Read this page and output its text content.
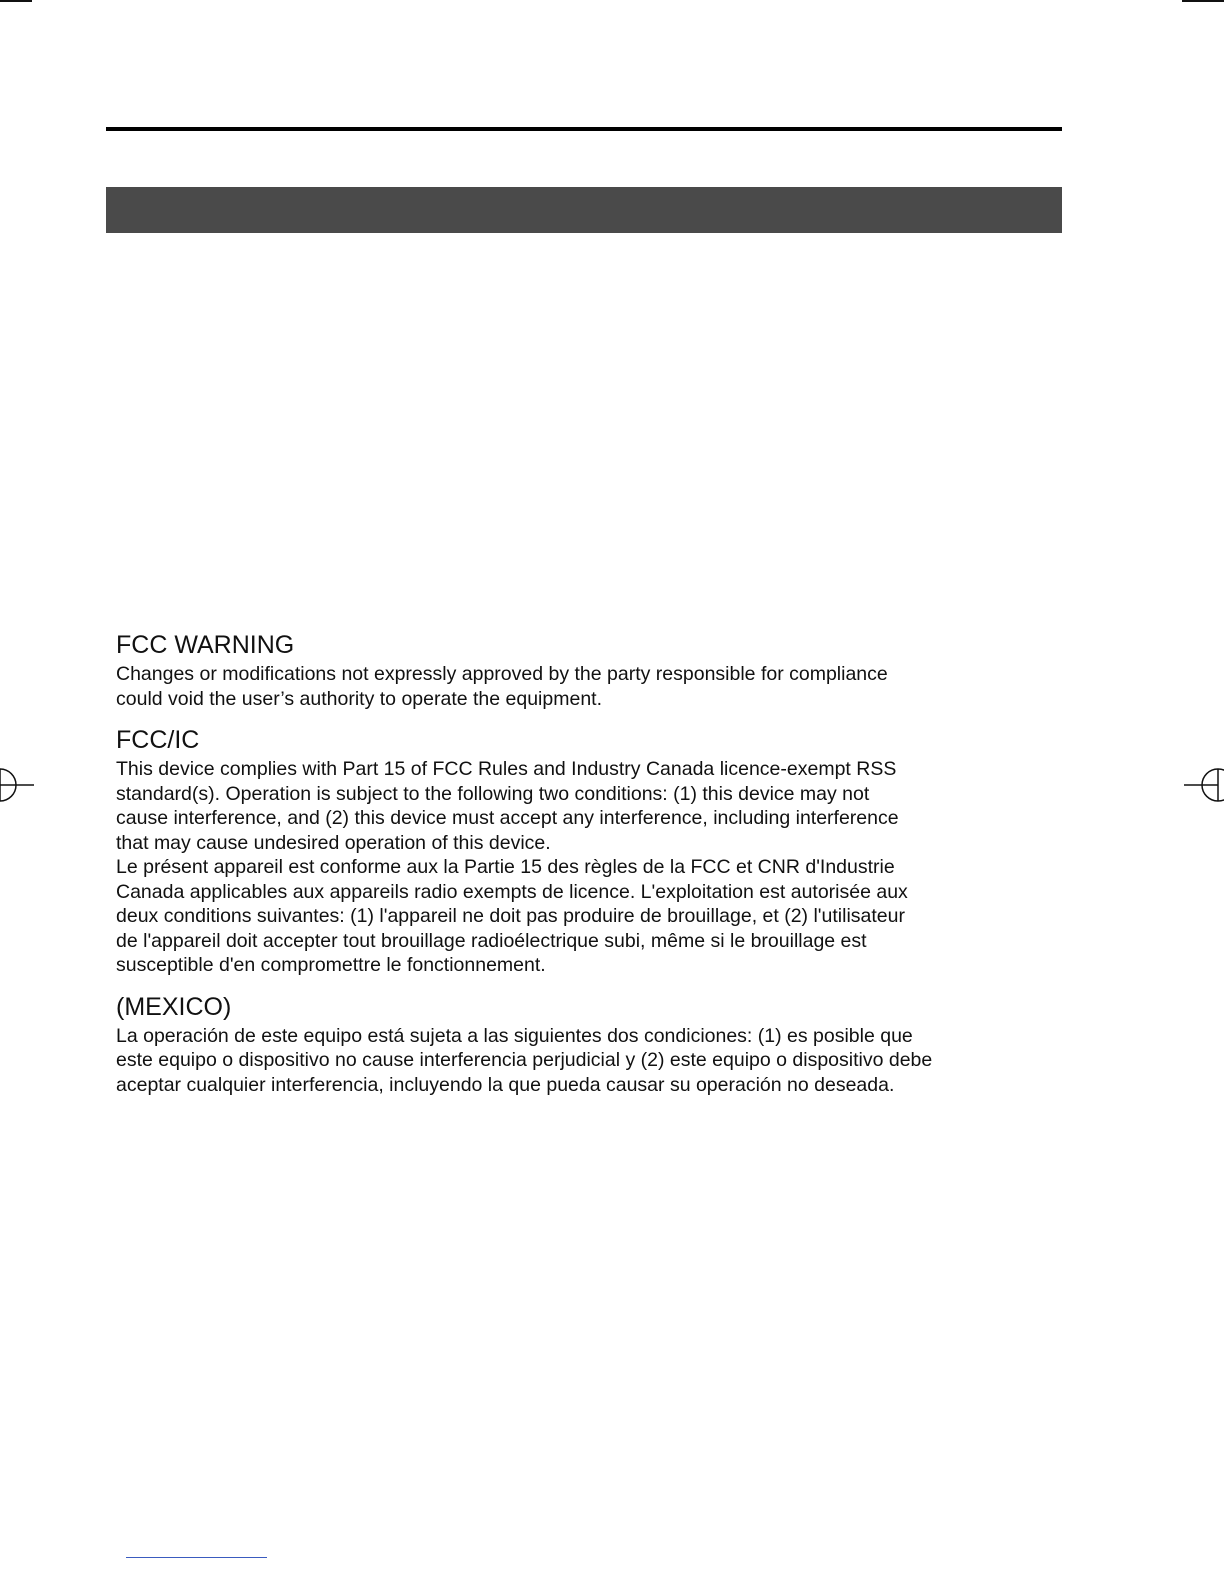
FCC WARNING

Changes or modifications not expressly approved by the party responsible for compliance
could void the user’s authority to operate the equipment.

FCC/IC

This device complies with Part 15 of FCC Rules and Industry Canada licence-exempt RSS
standard(s). Operation is subject to the following two conditions: (1) this device may not
cause interference, and (2) this device must accept any interference, including interference
that may cause undesired operation of this device.

Le présent appareil est conforme aux la Partie 15 des règles de la FCC et CNR d'Industrie
Canada applicables aux appareils radio exempts de licence. L'exploitation est autorisée aux
deux conditions suivantes: (1) l'appareil ne doit pas produire de brouillage, et (2) l'utilisateur
de l'appareil doit accepter tout brouillage radioélectrique subi, même si le brouillage est
susceptible d'en compromettre le fonctionnement.

(MEXICO)

La operación de este equipo está sujeta a las siguientes dos condiciones: (1) es posible que
este equipo o dispositivo no cause interferencia perjudicial y (2) este equipo o dispositivo debe
aceptar cualquier interferencia, incluyendo la que pueda causar su operación no deseada.
